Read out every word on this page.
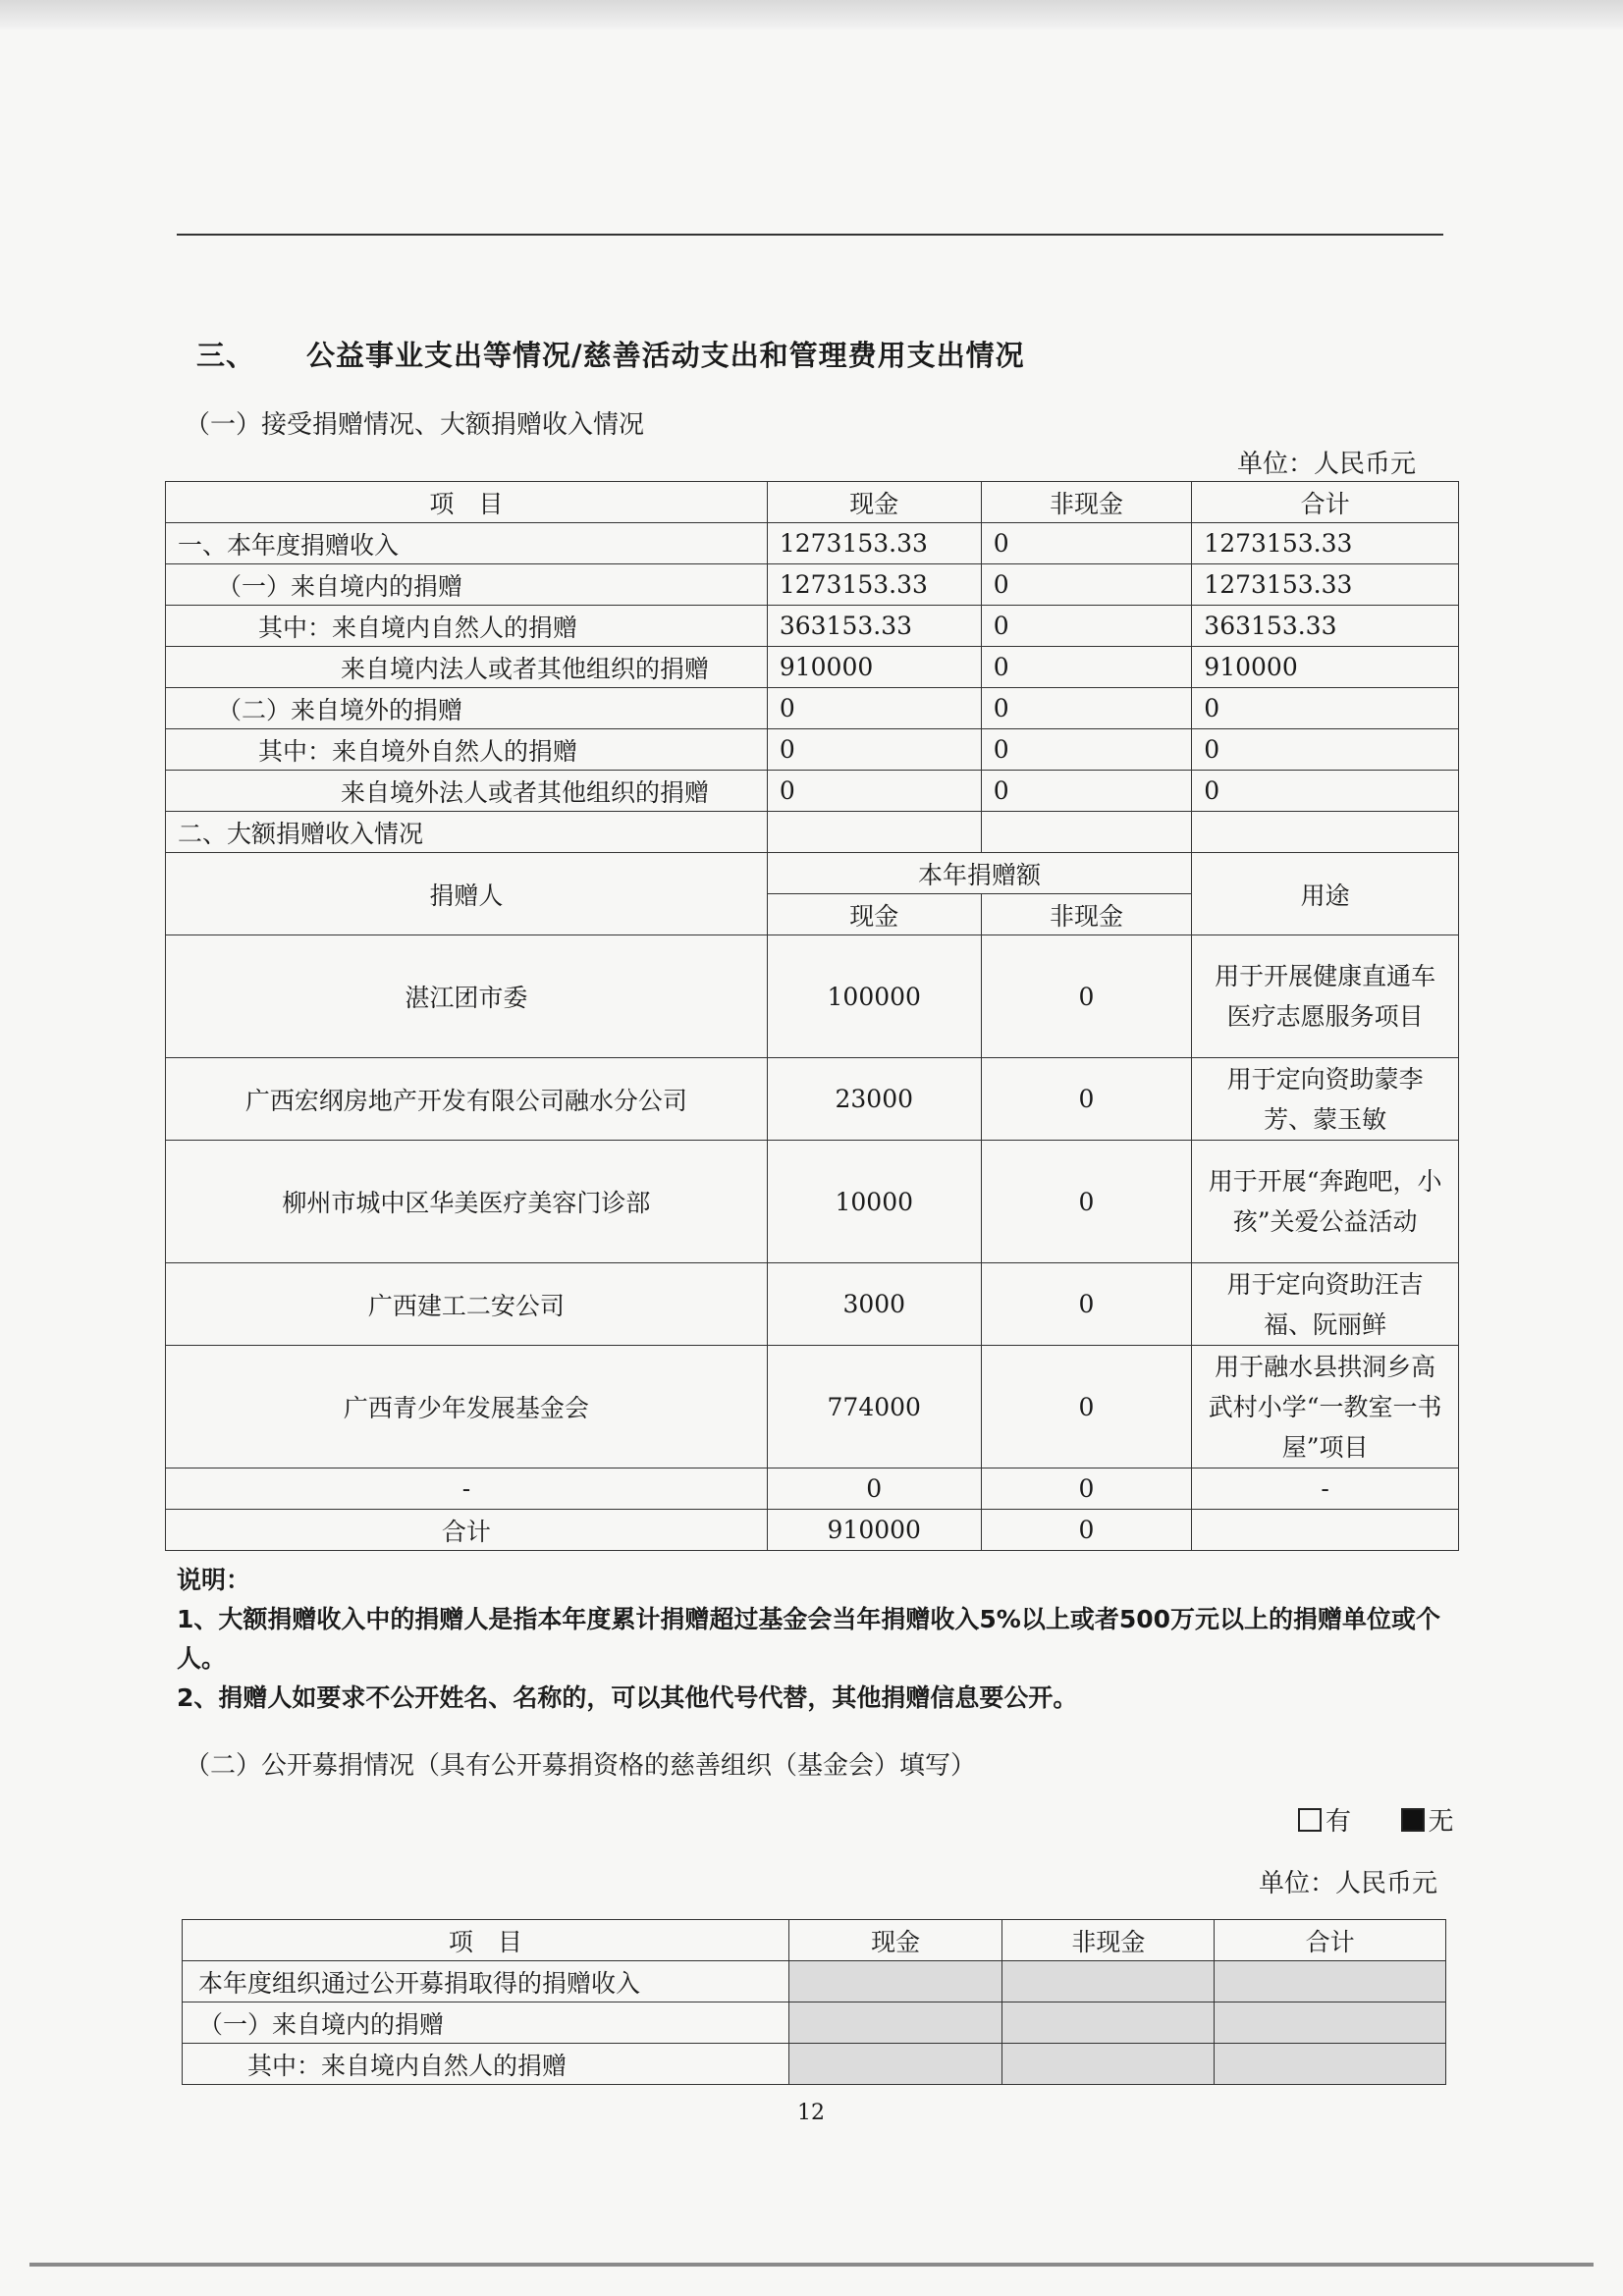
三、 公益事业支出等情况/慈善活动支出和管理费用支出情况
（一）接受捐赠情况、大额捐赠收入情况
单位：人民币元
项　目	现金	非现金	合计
一、本年度捐赠收入	1273153.33	0	1273153.33
（一）来自境内的捐赠	1273153.33	0	1273153.33
其中：来自境内自然人的捐赠	363153.33	0	363153.33
来自境内法人或者其他组织的捐赠	910000	0	910000
（二）来自境外的捐赠	0	0	0
其中：来自境外自然人的捐赠	0	0	0
来自境外法人或者其他组织的捐赠	0	0	0
二、大额捐赠收入情况			
捐赠人	本年捐赠额		用途
	现金	非现金	
湛江团市委	100000	0	用于开展健康直通车医疗志愿服务项目
广西宏纲房地产开发有限公司融水分公司	23000	0	用于定向资助蒙李芳、蒙玉敏
柳州市城中区华美医疗美容门诊部	10000	0	用于开展“奔跑吧，小孩”关爱公益活动
广西建工二安公司	3000	0	用于定向资助汪吉福、阮丽鲜
广西青少年发展基金会	774000	0	用于融水县拱洞乡高武村小学“一教室一书屋”项目
-	0	0	-
合计	910000	0	

说明：

1、大额捐赠收入中的捐赠人是指本年度累计捐赠超过基金会当年捐赠收入5%以上或者500万元以上的捐赠单位或个人。

2、捐赠人如要求不公开姓名、名称的，可以其他代号代替，其他捐赠信息要公开。

（二）公开募捐情况（具有公开募捐资格的慈善组织（基金会）填写）
有	无
单位：人民币元
项　目	现金	非现金	合计
本年度组织通过公开募捐取得的捐赠收入			
（一）来自境内的捐赠			
其中：来自境内自然人的捐赠			
12
